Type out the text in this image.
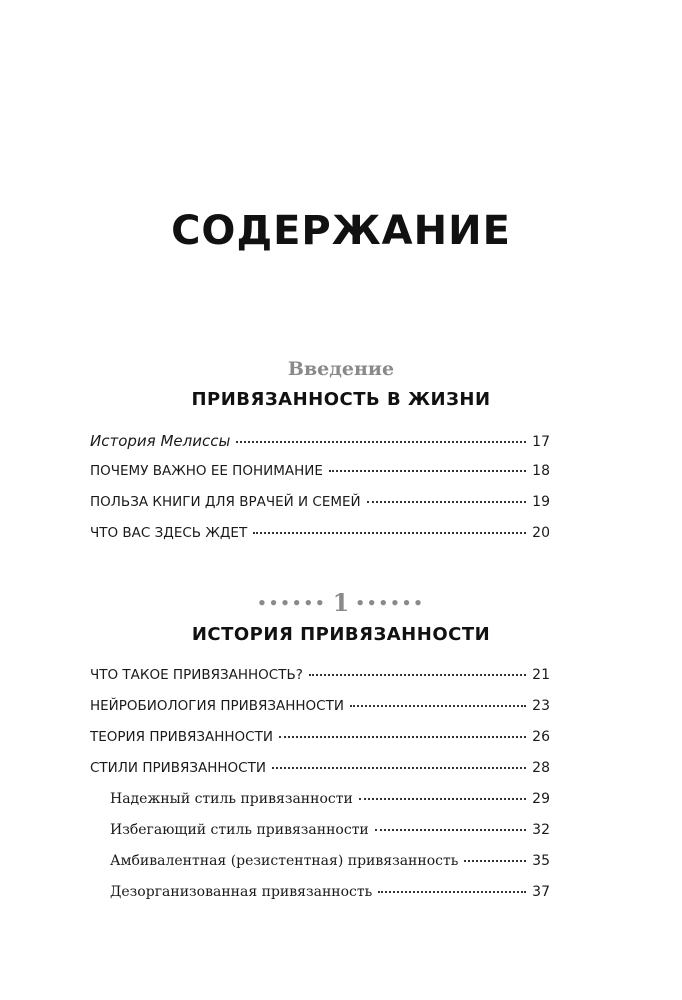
СОДЕРЖАНИЕ
Введение
ПРИВЯЗАННОСТЬ В ЖИЗНИ
История Мелиссы	17
ПОЧЕМУ ВАЖНО ЕЕ ПОНИМАНИЕ	18
ПОЛЬЗА КНИГИ ДЛЯ ВРАЧЕЙ И СЕМЕЙ	19
ЧТО ВАС ЗДЕСЬ ЖДЕТ	20
•••••• 1 ••••••
ИСТОРИЯ ПРИВЯЗАННОСТИ
ЧТО ТАКОЕ ПРИВЯЗАННОСТЬ?	21
НЕЙРОБИОЛОГИЯ ПРИВЯЗАННОСТИ	23
ТЕОРИЯ ПРИВЯЗАННОСТИ	26
СТИЛИ ПРИВЯЗАННОСТИ	28
Надежный стиль привязанности	29
Избегающий стиль привязанности	32
Амбивалентная (резистентная) привязанность	35
Дезорганизованная привязанность	37
